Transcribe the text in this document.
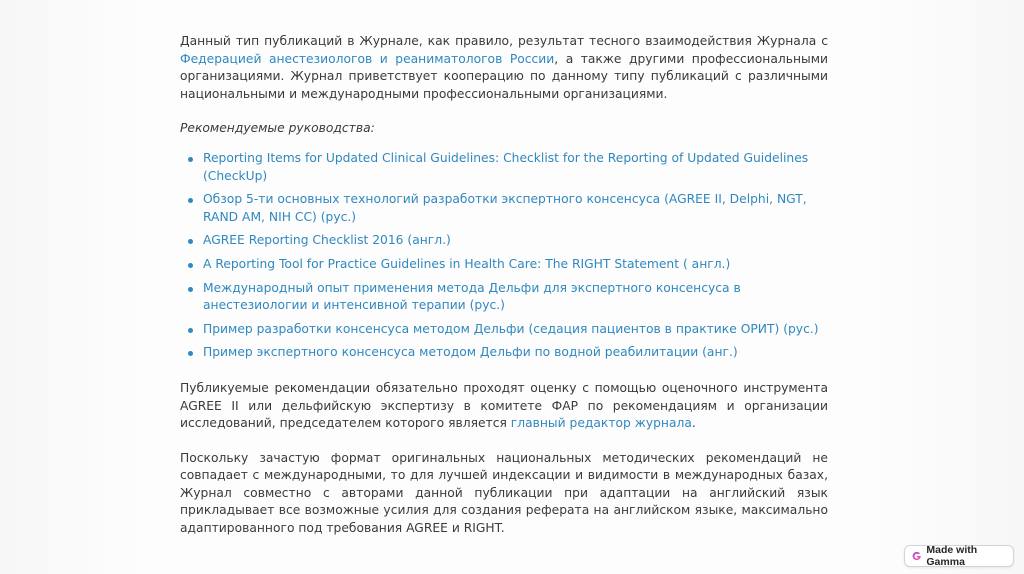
Данный тип публикаций в Журнале, как правило, результат тесного взаимодействия Журнала с Федерацией анестезиологов и реаниматологов России, а также другими профессиональными организациями. Журнал приветствует кооперацию по данному типу публикаций с различными национальными и международными профессиональными организациями.

Рекомендуемые руководства:

Reporting Items for Updated Clinical Guidelines: Checklist for the Reporting of Updated Guidelines (CheckUp)
Обзор 5-ти основных технологий разработки экспертного консенсуса (AGREE II, Delphi, NGT, RAND AM, NIH CC) (рус.)
AGREE Reporting Checklist 2016 (англ.)
A Reporting Tool for Practice Guidelines in Health Care: The RIGHT Statement ( англ.)
Международный опыт применения метода Дельфи для экспертного консенсуса в анестезиологии и интенсивной терапии (рус.)
Пример разработки консенсуса методом Дельфи (седация пациентов в практике ОРИТ) (рус.)
Пример экспертного консенсуса методом Дельфи по водной реабилитации (анг.)

Публикуемые рекомендации обязательно проходят оценку с помощью оценочного инструмента AGREE II или дельфийскую экспертизу в комитете ФАР по рекомендациям и организации исследований, председателем которого является главный редактор журнала.

Поскольку зачастую формат оригинальных национальных методических рекомендаций не совпадает с международными, то для лучшей индексации и видимости в международных базах, Журнал совместно с авторами данной публикации при адаптации на английский язык прикладывает все возможные усилия для создания реферата на английском языке, максимально адаптированного под требования AGREE и RIGHT.

Made with Gamma
